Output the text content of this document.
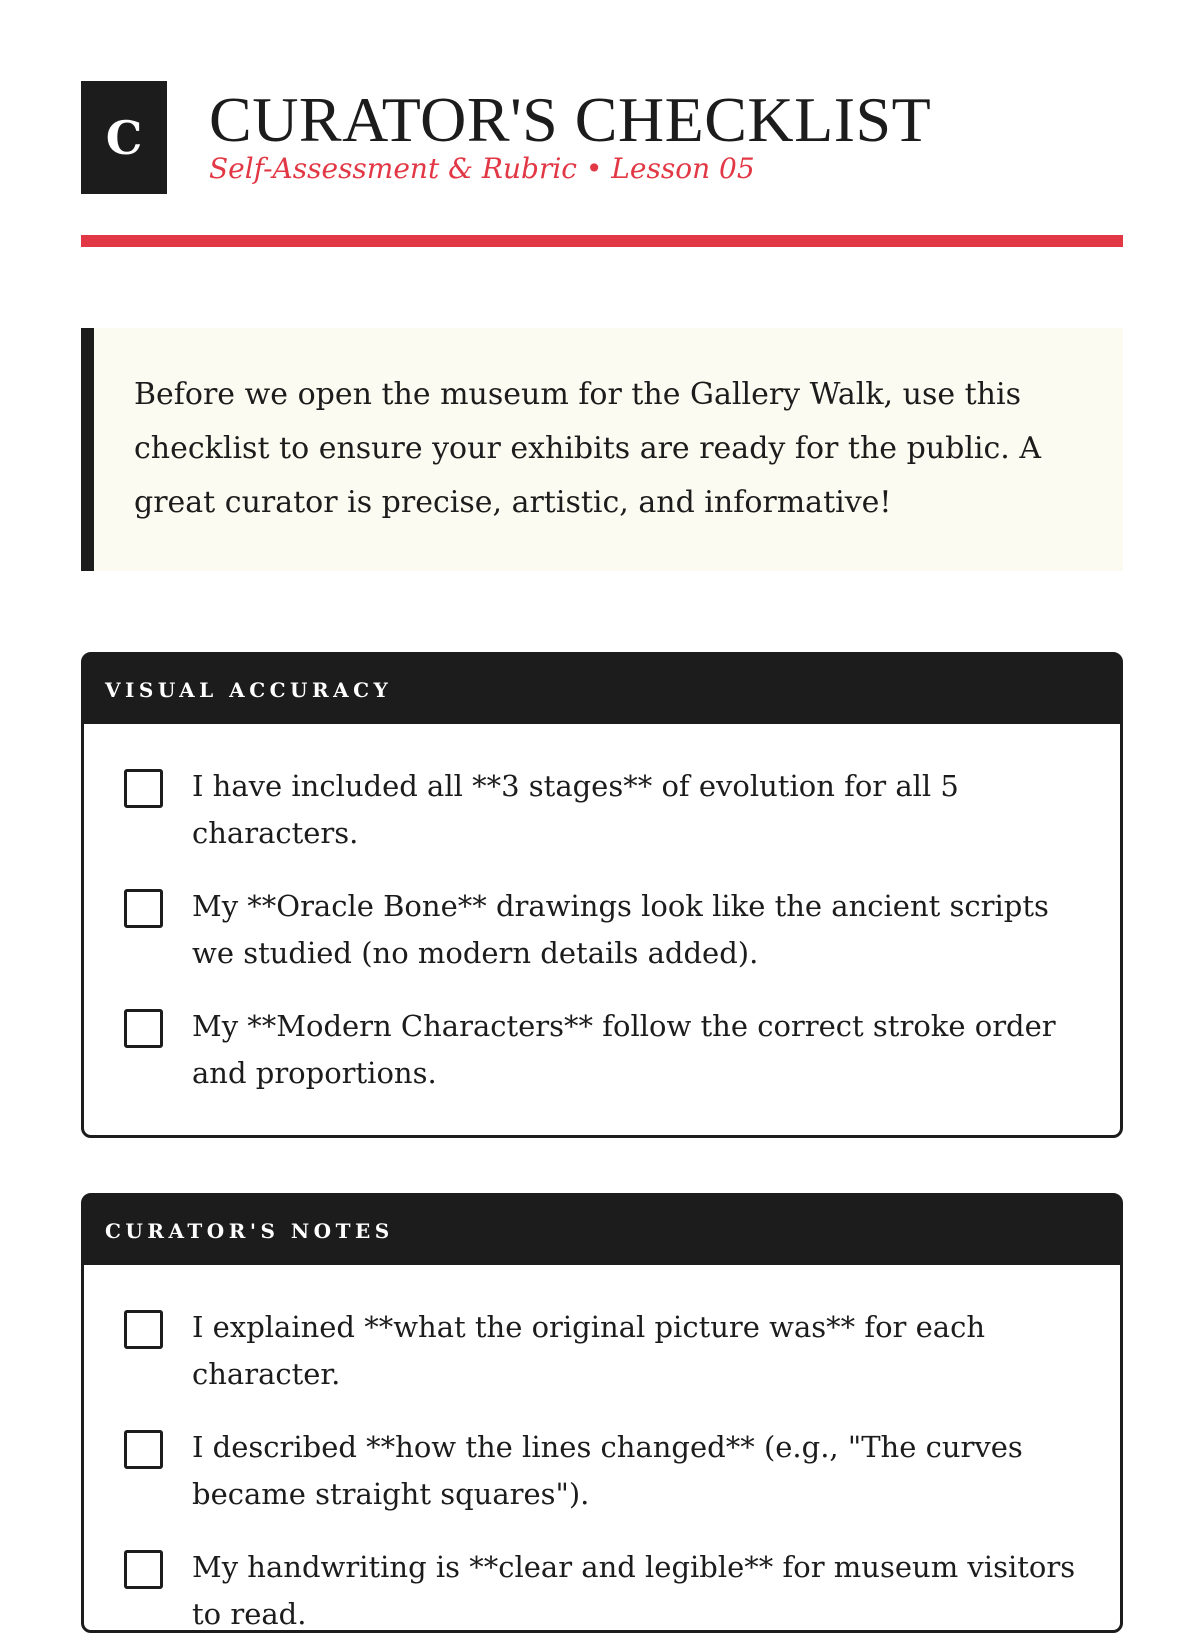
C	CURATOR'S CHECKLIST

Self-Assessment & Rubric • Lesson 05

Before we open the museum for the Gallery Walk, use this checklist to ensure your exhibits are ready for the public. A great curator is precise, artistic, and informative!

VISUAL ACCURACY
I have included all **3 stages** of evolution for all 5 characters.
My **Oracle Bone** drawings look like the ancient scripts we studied (no modern details added).
My **Modern Characters** follow the correct stroke order and proportions.
CURATOR'S NOTES
I explained **what the original picture was** for each character.
I described **how the lines changed** (e.g., "The curves became straight squares").
My handwriting is **clear and legible** for museum visitors to read.
